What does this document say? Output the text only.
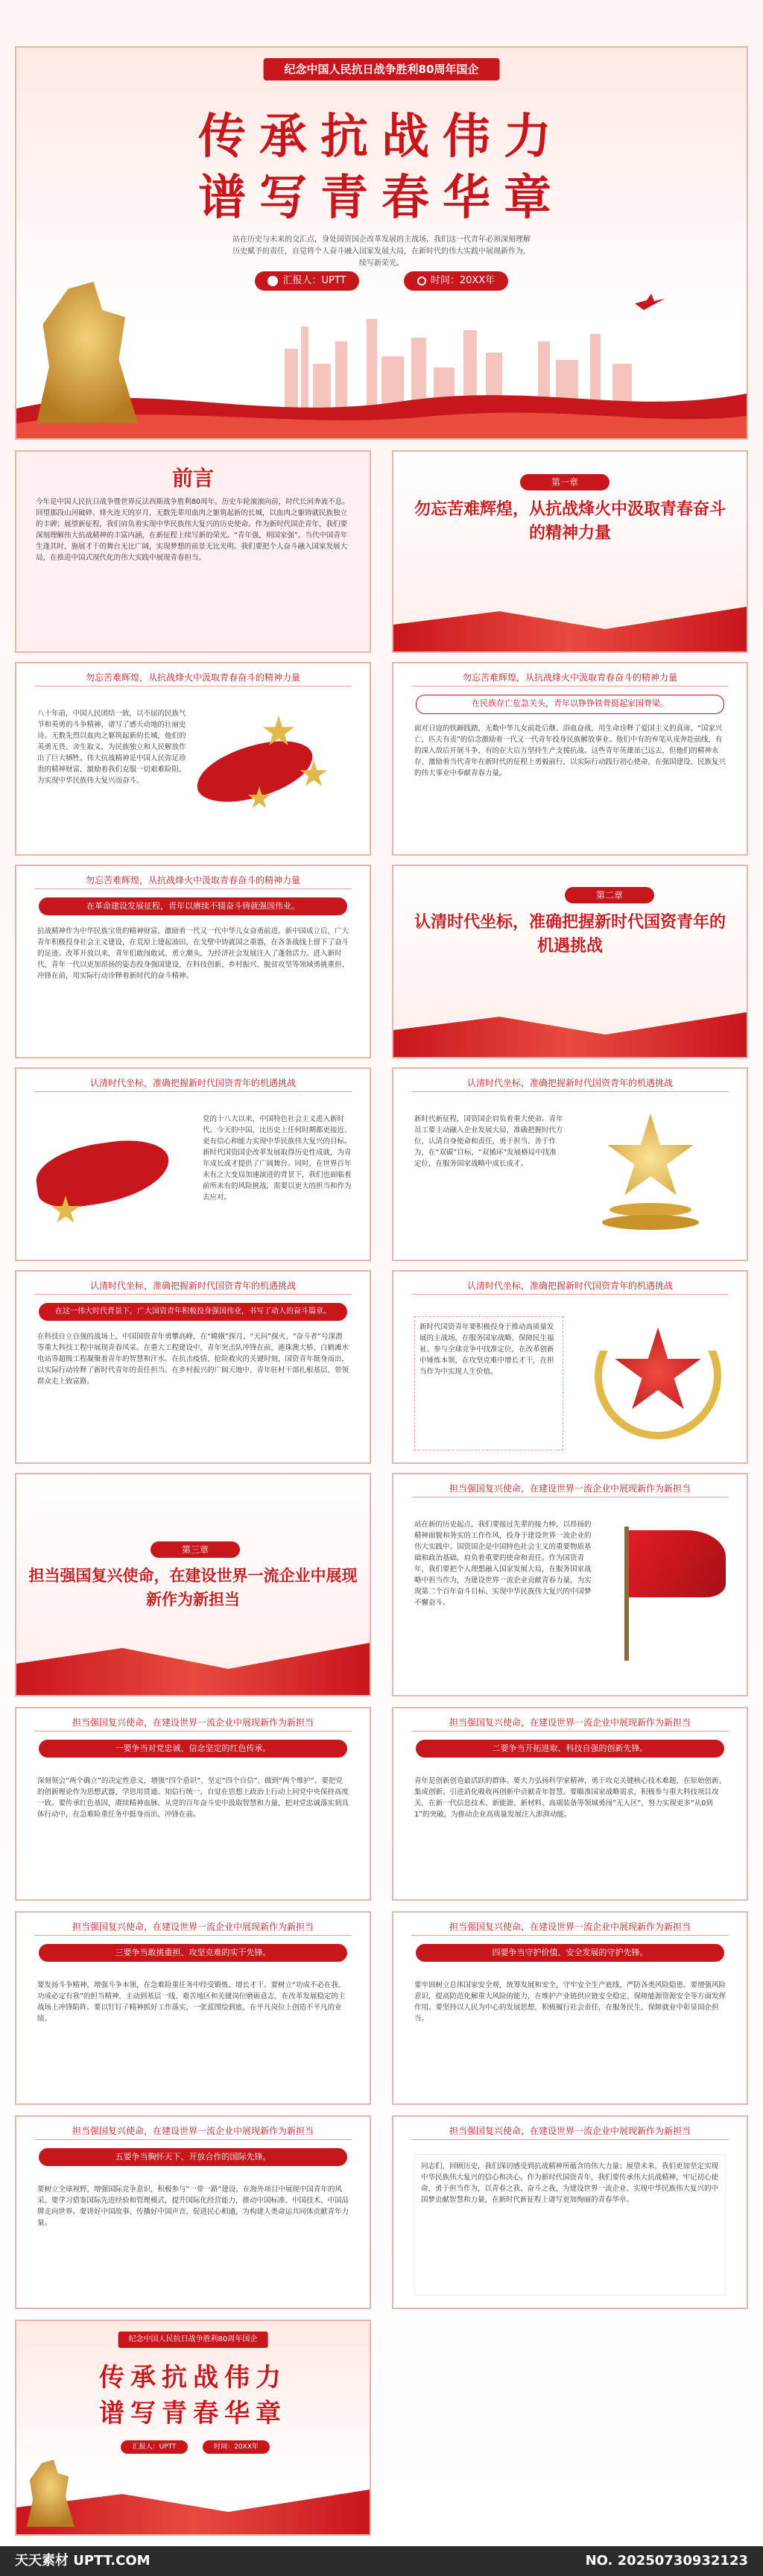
纪念中国人民抗日战争胜利80周年国企
传承抗战伟力
谱写青春华章
站在历史与未来的交汇点，身处国资国企改革发展的主战场，我们这一代青年必须深刻理解历史赋予的责任，自觉将个人奋斗融入国家发展大局，在新时代的伟大实践中展现新作为，续写新荣光。
汇报人：UPTT	时间：20XX年
前言
今年是中国人民抗日战争暨世界反法西斯战争胜利80周年。历史车轮滚滚向前，时代长河奔流不息。回望那段山河破碎、烽火连天的岁月，无数先辈用血肉之躯筑起新的长城，以血肉之躯铸就民族独立的丰碑；展望新征程，我们肩负着实现中华民族伟大复兴的历史使命。作为新时代国企青年，我们要深刻理解伟大抗战精神的丰富内涵，在新征程上续写新的荣光。“青年强，则国家强”。当代中国青年生逢其时，施展才干的舞台无比广阔，实现梦想的前景无比光明。我们要把个人奋斗融入国家发展大局，在推进中国式现代化的伟大实践中展现青春担当。
第一章
勿忘苦难辉煌，从抗战烽火中汲取青春奋斗的精神力量
勿忘苦难辉煌，从抗战烽火中汲取青春奋斗的精神力量
八十年前，中国人民团结一致，以不屈的民族气节和英勇的斗争精神，谱写了感天动地的壮丽史诗。无数先烈以血肉之躯筑起新的长城，他们的英勇无畏、舍生取义，为民族独立和人民解放作出了巨大牺牲。伟大抗战精神是中国人民弥足珍贵的精神财富，激励着我们克服一切艰难险阻、为实现中华民族伟大复兴而奋斗。
勿忘苦难辉煌，从抗战烽火中汲取青春奋斗的精神力量
在民族存亡危急关头，青年以铮铮铁骨挺起家国脊梁。
面对日寇的铁蹄践踏，无数中华儿女前赴后继、浴血奋战，用生命诠释了爱国主义的真谛。“国家兴亡，匹夫有责”的信念激励着一代又一代青年投身民族解放事业。他们中有的弃笔从戎奔赴前线，有的深入敌后开展斗争，有的在大后方坚持生产支援抗战。这些青年英雄虽已远去，但他们的精神永存，激励着当代青年在新时代的征程上勇毅前行，以实际行动践行初心使命，在强国建设、民族复兴的伟大事业中奉献青春力量。
勿忘苦难辉煌，从抗战烽火中汲取青春奋斗的精神力量
在革命建设发展征程，青年以赓续不辍奋斗铸就强国伟业。
抗战精神作为中华民族宝贵的精神财富，激励着一代又一代中华儿女奋勇前进。新中国成立后，广大青年积极投身社会主义建设，在荒原上建起油田，在戈壁中铸就国之重器，在各条战线上留下了奋斗的足迹。改革开放以来，青年们敢闯敢试、勇立潮头，为经济社会发展注入了蓬勃活力。进入新时代，青年一代以更加昂扬的姿态投身强国建设，在科技创新、乡村振兴、脱贫攻坚等领域勇挑重担、冲锋在前，用实际行动诠释着新时代的奋斗精神。
第二章
认清时代坐标，准确把握新时代国资青年的机遇挑战
认清时代坐标，准确把握新时代国资青年的机遇挑战
党的十八大以来，中国特色社会主义进入新时代。今天的中国，比历史上任何时期都更接近、更有信心和能力实现中华民族伟大复兴的目标。新时代国资国企改革发展取得历史性成就，为青年成长成才提供了广阔舞台。同时，在世界百年未有之大变局加速演进的背景下，我们也面临着前所未有的风险挑战，需要以更大的担当和作为去应对。
认清时代坐标，准确把握新时代国资青年的机遇挑战
新时代新征程，国资国企肩负着重大使命。青年员工要主动融入企业发展大局，准确把握时代方位，认清自身使命和责任，勇于担当、善于作为，在“双碳”目标、“双循环”发展格局中找准定位，在服务国家战略中成长成才。
认清时代坐标，准确把握新时代国资青年的机遇挑战
在这一伟大时代背景下，广大国资青年积极投身强国伟业，书写了动人的奋斗篇章。
在科技自立自强的战场上，中国国资青年勇攀高峰，在“嫦娥”探月、“天问”探火、“奋斗者”号深潜等重大科技工程中展现青春风采。在重大工程建设中，青年突击队冲锋在前，港珠澳大桥、白鹤滩水电站等超级工程凝聚着青年的智慧和汗水。在抗击疫情、抢险救灾的关键时刻，国资青年挺身而出，以实际行动诠释了新时代青年的责任担当。在乡村振兴的广阔天地中，青年驻村干部扎根基层，带领群众走上致富路。
认清时代坐标，准确把握新时代国资青年的机遇挑战
新时代国资青年要积极投身于推动高质量发展的主战场，在服务国家战略、保障民生福祉、参与全球竞争中找准定位，在改革创新中锤炼本领，在攻坚克难中增长才干，在担当作为中实现人生价值。
第三章
担当强国复兴使命，在建设世界一流企业中展现新作为新担当
担当强国复兴使命，在建设世界一流企业中展现新作为新担当
站在新的历史起点，我们要接过先辈的接力棒，以昂扬的精神面貌和务实的工作作风，投身于建设世界一流企业的伟大实践中。国资国企是中国特色社会主义的重要物质基础和政治基础，肩负着重要的使命和责任。作为国资青年，我们要把个人理想融入国家发展大局，在服务国家战略中担当作为，为建设世界一流企业贡献青春力量，为实现第二个百年奋斗目标、实现中华民族伟大复兴的中国梦不懈奋斗。
担当强国复兴使命，在建设世界一流企业中展现新作为新担当
一要争当对党忠诚、信念坚定的红色传承。
深刻领会“两个确立”的决定性意义，增强“四个意识”、坚定“四个自信”、做到“两个维护”。要把党的创新理论作为思想武器，学思用贯通、知信行统一，自觉在思想上政治上行动上同党中央保持高度一致。要传承红色基因，赓续精神血脉，从党的百年奋斗史中汲取智慧和力量，把对党忠诚落实到具体行动中，在急难险重任务中挺身而出、冲锋在前。
担当强国复兴使命，在建设世界一流企业中展现新作为新担当
二要争当开拓进取、科技自强的创新先锋。
青年是创新创造最活跃的群体。要大力弘扬科学家精神，勇于攻克关键核心技术难题，在原始创新、集成创新、引进消化吸收再创新中贡献青年智慧。要瞄准国家战略需求，积极参与重大科技项目攻关，在新一代信息技术、新能源、新材料、高端装备等领域勇闯“无人区”，努力实现更多“从0到1”的突破，为推动企业高质量发展注入澎湃动能。
担当强国复兴使命，在建设世界一流企业中展现新作为新担当
三要争当敢挑重担、攻坚克难的实干先锋。
要发扬斗争精神，增强斗争本领，在急难险重任务中经受锻炼、增长才干。要树立“功成不必在我、功成必定有我”的担当精神，主动到基层一线、艰苦地区和关键岗位磨砺意志，在改革发展稳定的主战场上冲锋陷阵。要以钉钉子精神抓好工作落实，一张蓝图绘到底，在平凡岗位上创造不平凡的业绩。
担当强国复兴使命，在建设世界一流企业中展现新作为新担当
四要争当守护价值、安全发展的守护先锋。
要牢固树立总体国家安全观，统筹发展和安全，守牢安全生产底线，严防各类风险隐患。要增强风险意识，提高防范化解重大风险的能力，在维护产业链供应链安全稳定、保障能源资源安全等方面发挥作用。要坚持以人民为中心的发展思想，积极履行社会责任，在服务民生、保障就业中彰显国企担当。
担当强国复兴使命，在建设世界一流企业中展现新作为新担当
五要争当胸怀天下、开放合作的国际先锋。
要树立全球视野，增强国际竞争意识，积极参与“一带一路”建设，在海外项目中展现中国青年的风采。要学习借鉴国际先进经验和管理模式，提升国际化经营能力，推动中国标准、中国技术、中国品牌走向世界。要讲好中国故事、传播好中国声音，促进民心相通，为构建人类命运共同体贡献青年力量。
担当强国复兴使命，在建设世界一流企业中展现新作为新担当
同志们，回顾历史，我们深切感受到抗战精神所蕴含的伟大力量；展望未来，我们更加坚定实现中华民族伟大复兴的信心和决心。作为新时代国资青年，我们要传承伟大抗战精神，牢记初心使命，勇于担当作为，以青春之我、奋斗之我，为建设世界一流企业、实现中华民族伟大复兴的中国梦贡献智慧和力量，在新时代新征程上谱写更加绚丽的青春华章。
纪念中国人民抗日战争胜利80周年国企
传承抗战伟力
谱写青春华章
汇报人：UPTT	时间：20XX年
天天素材 UPTT.COM	NO. 20250730932123
